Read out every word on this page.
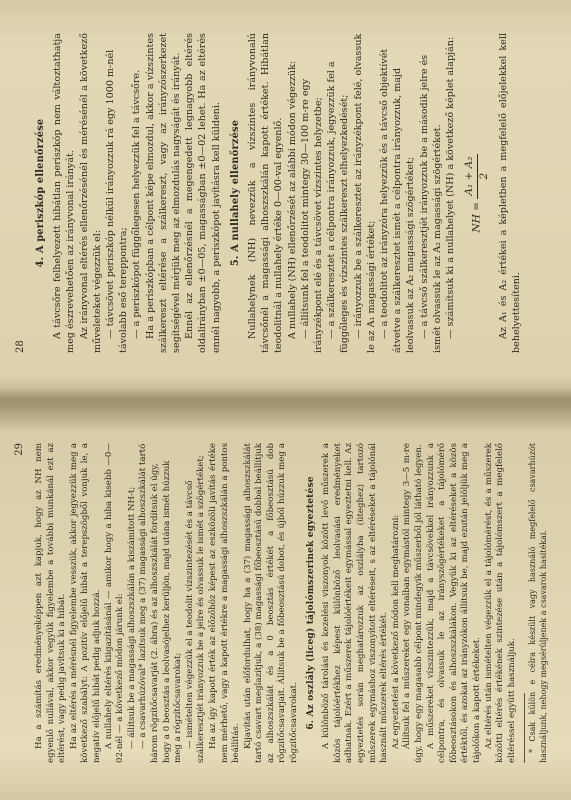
28
4. A periszkóp ellenőrzése A távcsőre felhelyezett hibátlan periszkóp nem változtathatja meg észrevehetően az irányvonal irányát. Az irányvonal eltérés ellenőrzésénél és mérésénél a következő műveleteket végezzük el: — távcsövet periszkóp nélkül irányozzuk rá egy 1000 m-nél távolabb eső tereppontra; — a periszkópot függőlegesen helyezzük fel a távcsőre. Ha a periszkópban a célpont képe elmozdul, akkor a vízszintes szálkereszt eltérése a szálkereszt, vagy az irányzószerkezet segítségével mérjük meg az elmozdulás nagyságát és irányát. Ennél az ellenőrzésnél a megengedett legnagyobb eltérés oldalirányban ±0—05, magasságban ±0—02 lehet. Ha az eltérés ennél nagyobb, a periszkópot javításra kell küldeni. 5. A nullahely ellenőrzése Nullahelynek (NH) nevezzük a vízszintes irányvonalú távcsőnél a magassági alhoszszkálán kapott értéket. Hibátlan teodolitnál a nullahely értéke 0—00-val egyenlő. A nullahely (NH) ellenőrzését az alábbi módon végezzük: — állítsunk fel a teodolitot mintegy 30—100 m-re egy irányzékpont elé és a távcsövet vízszintes helyzetbe; — a szálkeresztet a célpontra irányozzuk, jegyezzük fel a függőleges és vízszintes szálkereszt elhelyezkedését; — irányozzuk be a szálkeresztet az irányzékpont felé, olvassuk le az A₁ magassági értéket; — a teodolitot az irányzóra helyezzük és a távcső objektívét átvetve a szálkeresztet ismét a célpontra irányozzuk, majd leolvassuk az A₂ magassági szögértéket; — a távcső szálkeresztjét irányozzuk be a második jelre és ismét olvassuk le az A₂ magassági szögértéket. — számítsuk ki a nullahelyet (NH) a következő képlet alapján:	NH =
A₁ + A₂ 2 Az A₁ és A₂ értékei a képletben a megfelelő előjelekkel kell behelyettesíteni.

29	Ha a számítás eredményeképpen azt kapjuk, hogy az NH nem egyenlő nullával, akkor vegyük figyelembe a további munkánál ezt az eltérést, vagy pedig javítsuk ki a hibát. Ha az eltérés a mérésnél figyelembe vesszük, akkor jegyezzük meg a következő szabályt: A pozitív előjelű hibát a terepszögből vonjuk le, a negatív előjelű hibát pedig adjuk hozzá. A nullahely eltérés kiigazításánál — amikor hogy a hiba kisebb —0—02-nél — a következő módon járunk el: — állítsuk be a magassági alhoszszkálán a kiszámított NH-t; — a csavarhúzóval* lazítsuk meg a (37) magassági alhoszszkálát tartó három rögzítőcsavarját (2. ábra) és az alhoszszkálát fordítsuk el úgy, hogy a 0 beosztás a leolvasójelhez kerüljön, majd utána ismét húzzuk meg a rögzítőcsavarokat; — ismételten végezzük el a teodolit vízszintezését és a távcső szálkeresztjét irányozzuk be a jelre és olvassuk le ismét a szögértéket; Ha az így kapott érték az előzőhöz képest az eszközöli javítás értéke nem mérhető, vagy a kapott értékre a magassági alhoszszkálán a pontos beállítás. Kijavítás után előfordulhat, hogy ha a (37) magassági alhoszszkálát tartó csavart meglazítjuk, a (38) magassági főbeosztású dobbal beállítjuk az alhoszszkálát és a 0 beosztás értékét a főbeosztású dob rögzítőcsavarjait. Állítsuk be a főbeosztású dobot, és újból húzzuk meg a rögzítőcsavarokat. 6. Az oszlály (liceg) tájolómszerinek egyeztetése A különböző tárolási és kezelési viszonyok között levő műszerek a közös tájolóértékhez képest különböző leolvasási eredményeket adhatnak. Ezért a műszerek tájolóértékeit egymással egyeztetni kell. Az egyeztetés során meghatározzuk az oszlályba (üteghez) tartozó műszerek egymáshoz viszonyított eltéréseit, s az eltéréseket a tájolónál használt műszerek eltérés értékét. Az egyeztetést a következő módon kell meghatározni: Állítsuk fel a műszereket egy vonalban egymástól mintegy 3—5 m-re úgy, hogy egy magasabb célpont mindegyik műszerből jól látható legyen. A műszereket vízszintezzük, majd a távcsövekkel irányozzunk a célpontra, és olvassuk le az irányszögértékeket a tájolómérő főbeosztásokon és alhoszszkálákon. Vegyük ki az eltéréseket a közös értéktől, és azokat az irányzókon állítsuk be, majd ezután jelöljük meg a tájolókon a kapott értékeket. Az eltérés után ismételten végezzük el a tájolómérést, és a műszerek közötti eltérés értékének szintezése után a tájolómszert a megfelelő eltéréssel együtt használjuk. * Csak külön e célra készült vagy használó megfelelő csavarhúzót használjunk, nehogy megsérüljenek a csavarok hasítékai.
